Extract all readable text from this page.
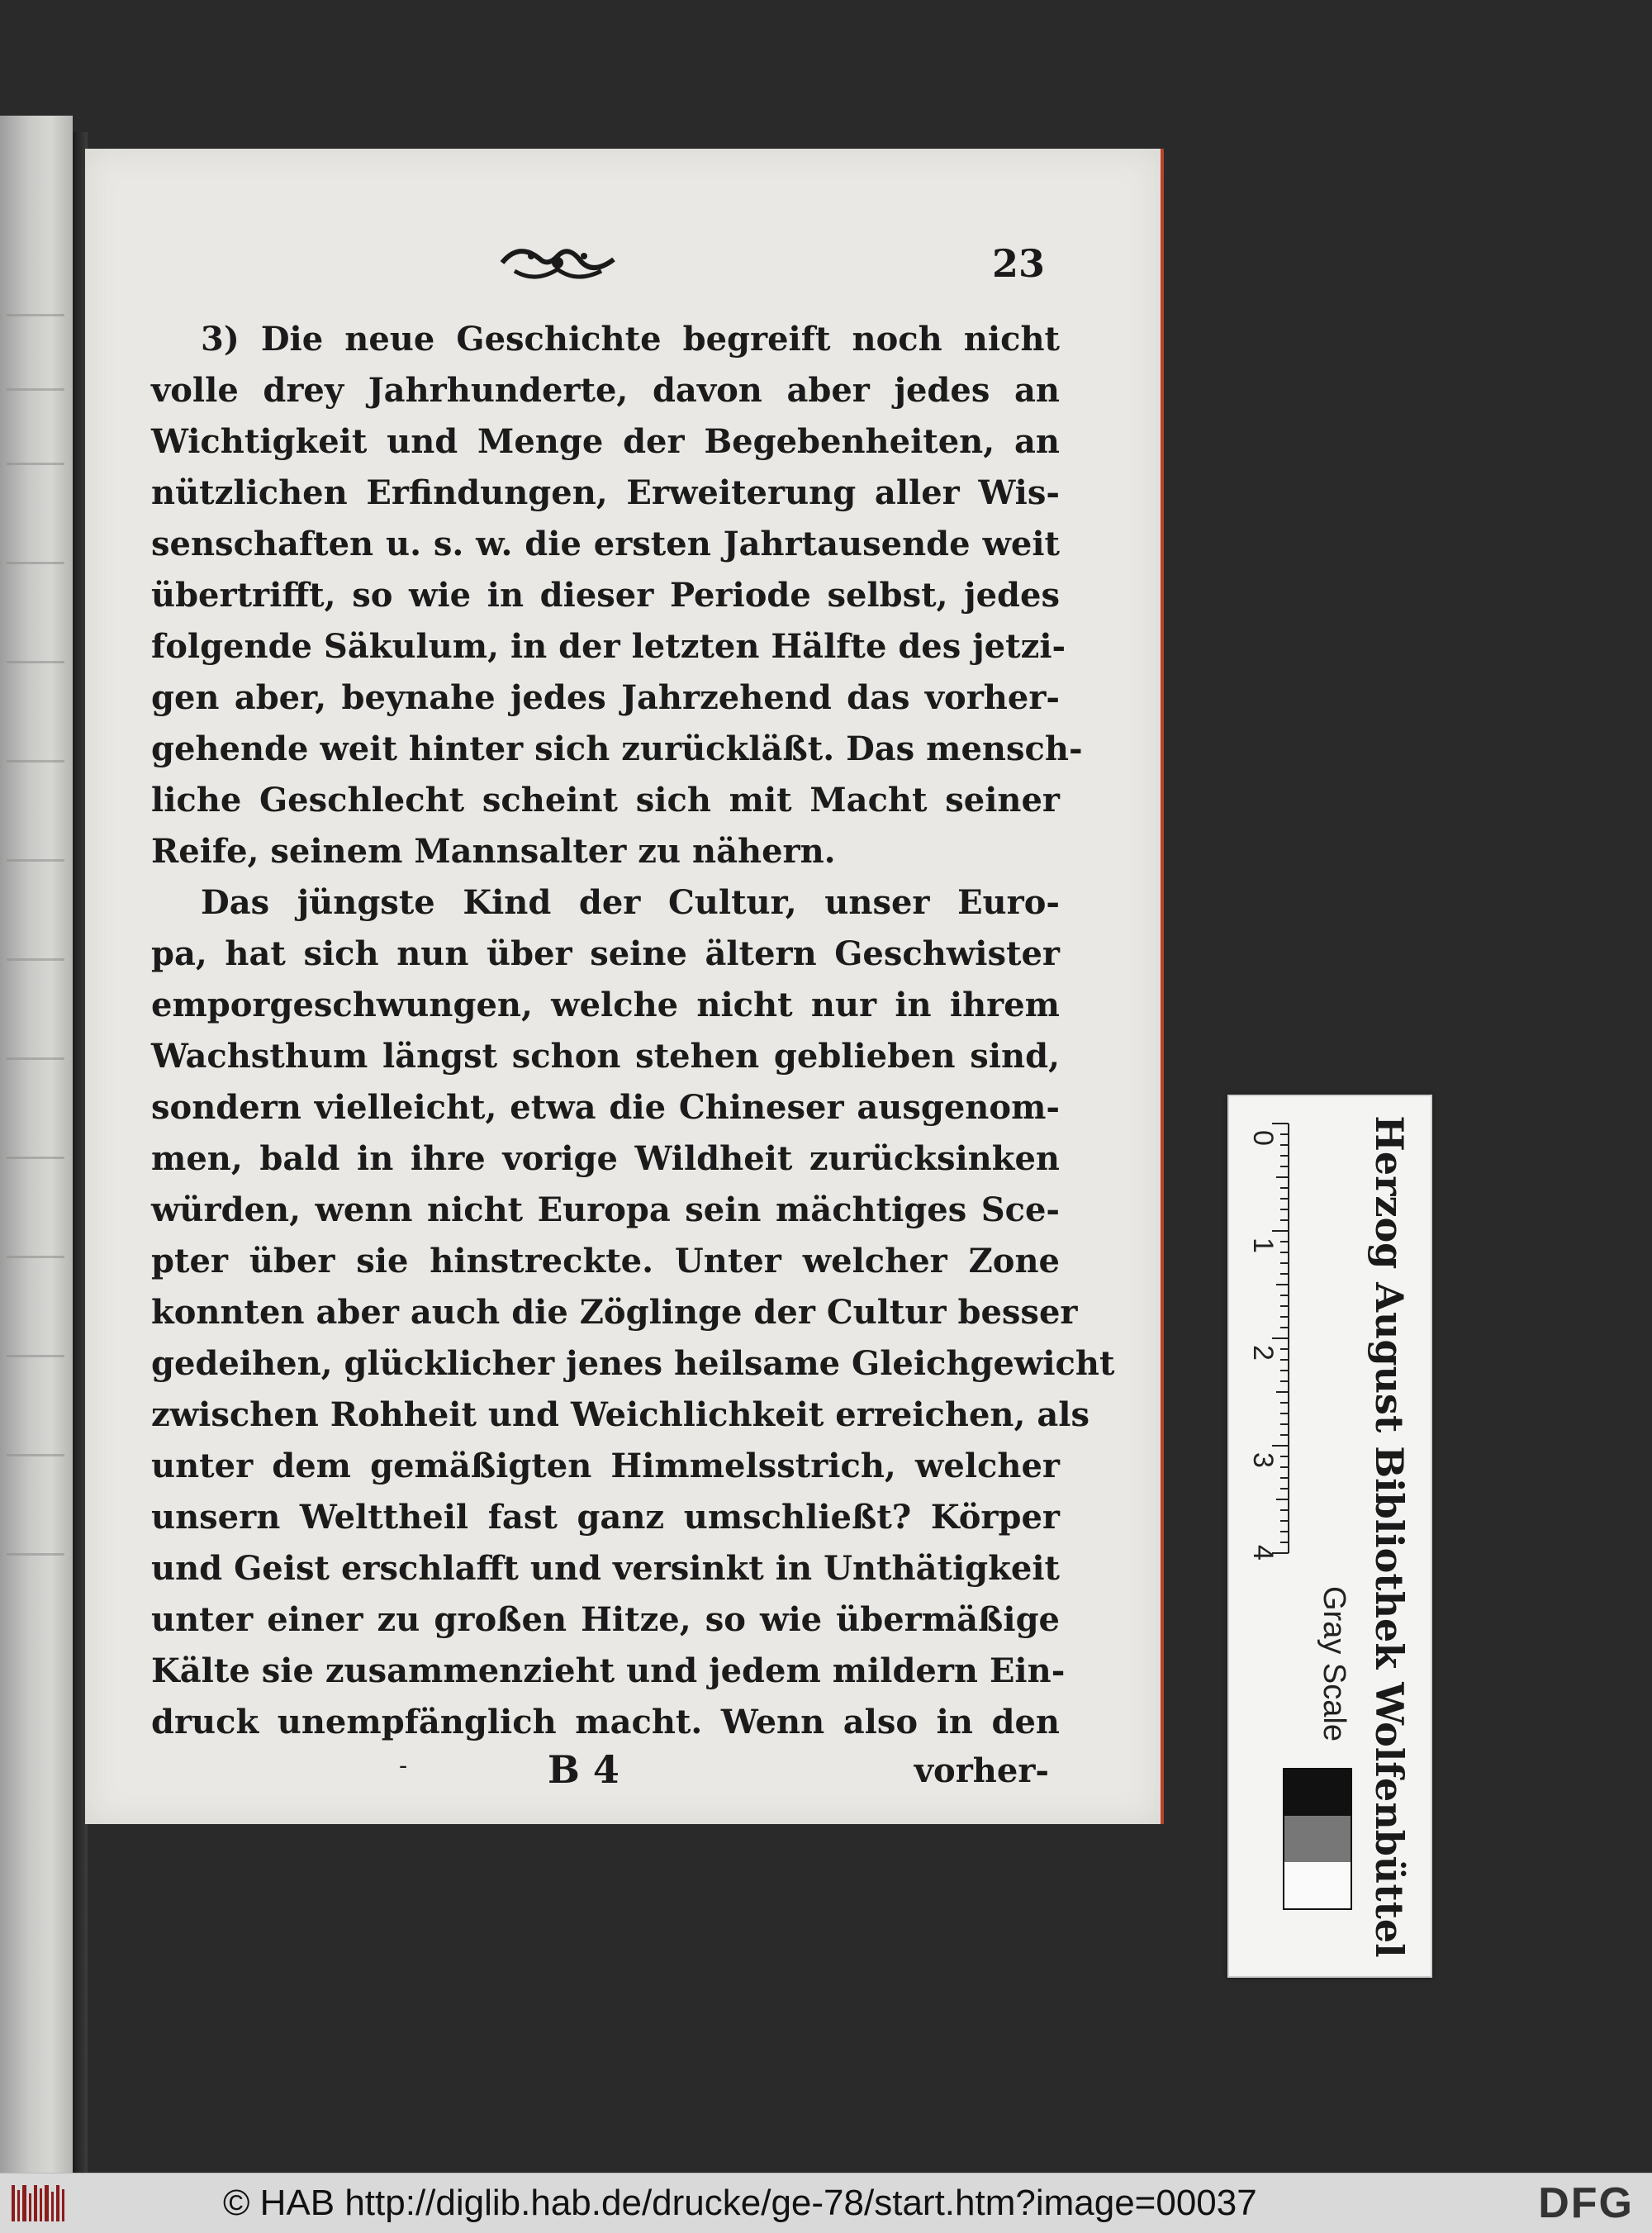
23

3) Die neue Geschichte begreift noch nicht
volle drey Jahrhunderte, davon aber jedes an
Wichtigkeit und Menge der Begebenheiten, an
nützlichen Erfindungen, Erweiterung aller Wis-
senschaften u. s. w. die ersten Jahrtausende weit
übertrifft, so wie in dieser Periode selbst, jedes
folgende Säkulum, in der letzten Hälfte des jetzi-
gen aber, beynahe jedes Jahrzehend das vorher-
gehende weit hinter sich zurückläßt. Das mensch-
liche Geschlecht scheint sich mit Macht seiner
Reife, seinem Mannsalter zu nähern.

Das jüngste Kind der Cultur, unser Euro-
pa, hat sich nun über seine ältern Geschwister
emporgeschwungen, welche nicht nur in ihrem
Wachsthum längst schon stehen geblieben sind,
sondern vielleicht, etwa die Chineser ausgenom-
men, bald in ihre vorige Wildheit zurücksinken
würden, wenn nicht Europa sein mächtiges Sce-
pter über sie hinstreckte. Unter welcher Zone
konnten aber auch die Zöglinge der Cultur besser
gedeihen, glücklicher jenes heilsame Gleichgewicht
zwischen Rohheit und Weichlichkeit erreichen, als
unter dem gemäßigten Himmelsstrich, welcher
unsern Welttheil fast ganz umschließt? Körper
und Geist erschlafft und versinkt in Unthätigkeit
unter einer zu großen Hitze, so wie übermäßige
Kälte sie zusammenzieht und jedem mildern Ein-
druck unempfänglich macht. Wenn also in den

-	B 4	vorher-	Herzog August Bibliothek Wolfenbüttel
0
1
2
3
4
Gray Scale
© HAB http://diglib.hab.de/drucke/ge-78/start.htm?image=00037	DFG
